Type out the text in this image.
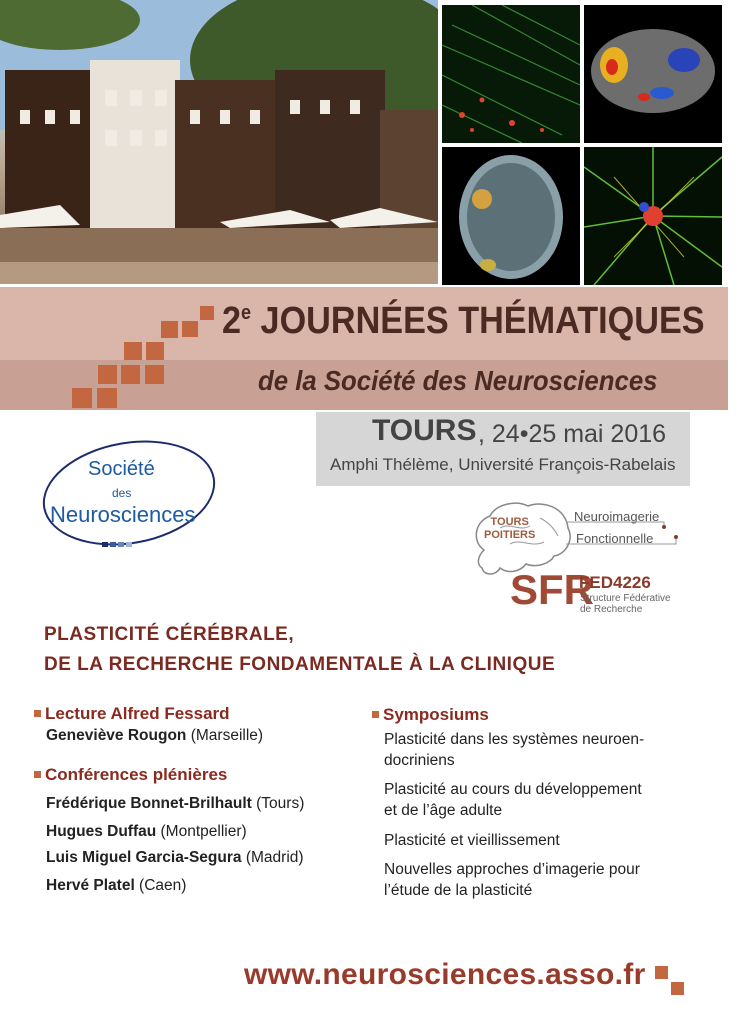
2e JOURNÉES THÉMATIQUES
de la Société des Neurosciences
TOURS , 24•25 mai 2016
Amphi Thélème, Université François-Rabelais
Société
des
Neurosciences	TOURS
POITIERS
Neuroimagerie
Fonctionnelle
SFR
FED4226
Structure Fédérative
de Recherche
PLASTICITÉ CÉRÉBRALE,
DE LA RECHERCHE FONDAMENTALE À LA CLINIQUE
Lecture Alfred Fessard
Geneviève Rougon (Marseille)
Conférences plénières
Frédérique Bonnet-Brilhault (Tours)
Hugues Duffau (Montpellier)
Luis Miguel Garcia-Segura (Madrid)
Hervé Platel (Caen)
Symposiums
Plasticité dans les systèmes neuroen-
docriniens
Plasticité au cours du développement
et de l’âge adulte
Plasticité et vieillissement
Nouvelles approches d’imagerie pour
l’étude de la plasticité
www.neurosciences.asso.fr
